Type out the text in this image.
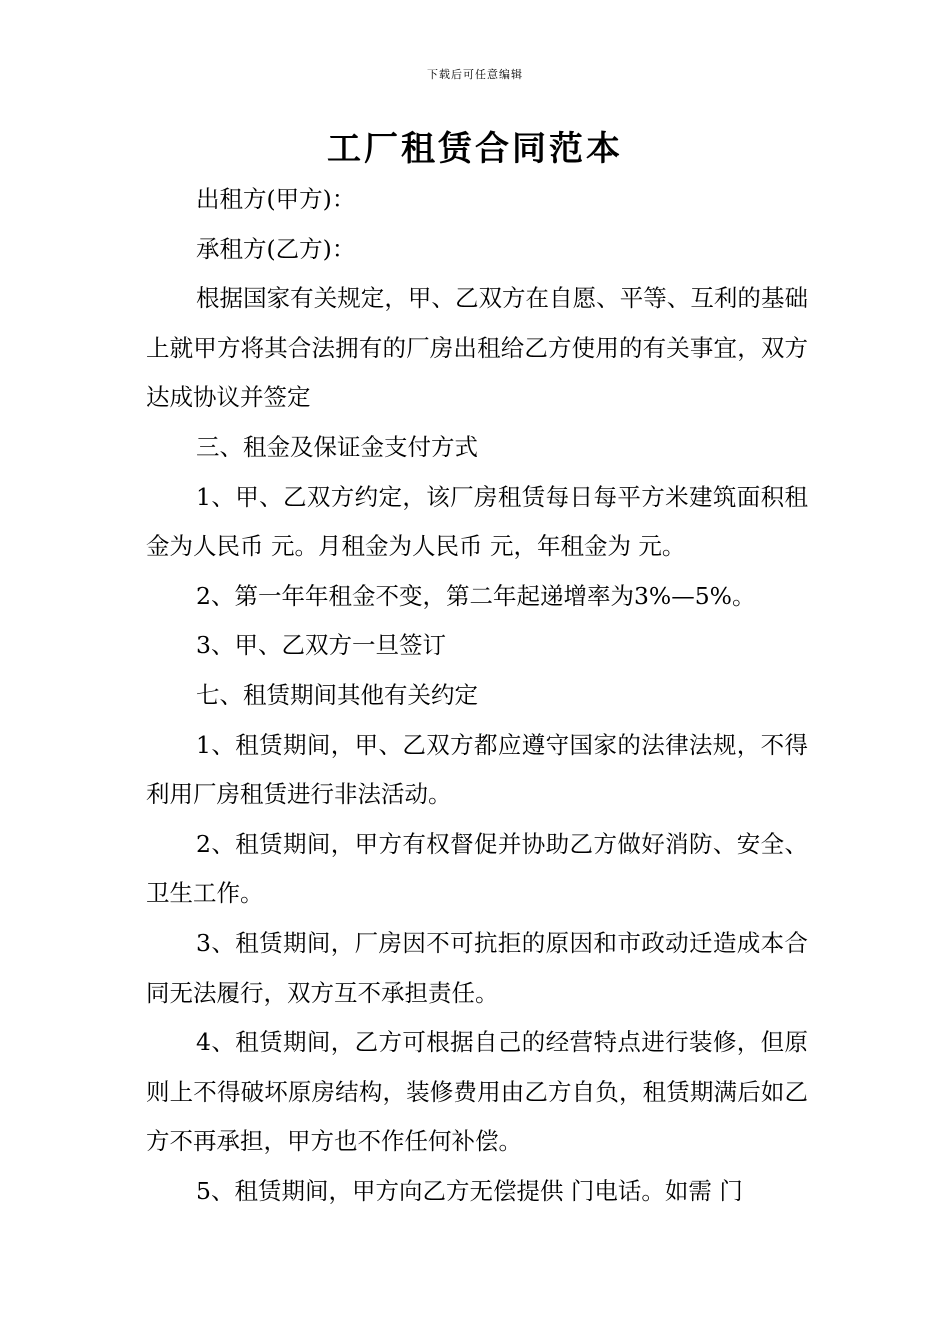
下载后可任意编辑
工厂租赁合同范本

出租方(甲方)：

承租方(乙方)：

根据国家有关规定，甲、乙双方在自愿、平等、互利的基础上就甲方将其合法拥有的厂房出租给乙方使用的有关事宜，双方达成协议并签定

三、租金及保证金支付方式

1、甲、乙双方约定，该厂房租赁每日每平方米建筑面积租金为人民币 元。月租金为人民币 元，年租金为 元。

2、第一年年租金不变，第二年起递增率为3%—5%。

3、甲、乙双方一旦签订

七、租赁期间其他有关约定

1、租赁期间，甲、乙双方都应遵守国家的法律法规，不得利用厂房租赁进行非法活动。

2、租赁期间，甲方有权督促并协助乙方做好消防、安全、卫生工作。

3、租赁期间，厂房因不可抗拒的原因和市政动迁造成本合同无法履行，双方互不承担责任。

4、租赁期间，乙方可根据自己的经营特点进行装修，但原则上不得破坏原房结构，装修费用由乙方自负，租赁期满后如乙方不再承担，甲方也不作任何补偿。

5、租赁期间，甲方向乙方无偿提供 门电话。如需 门
